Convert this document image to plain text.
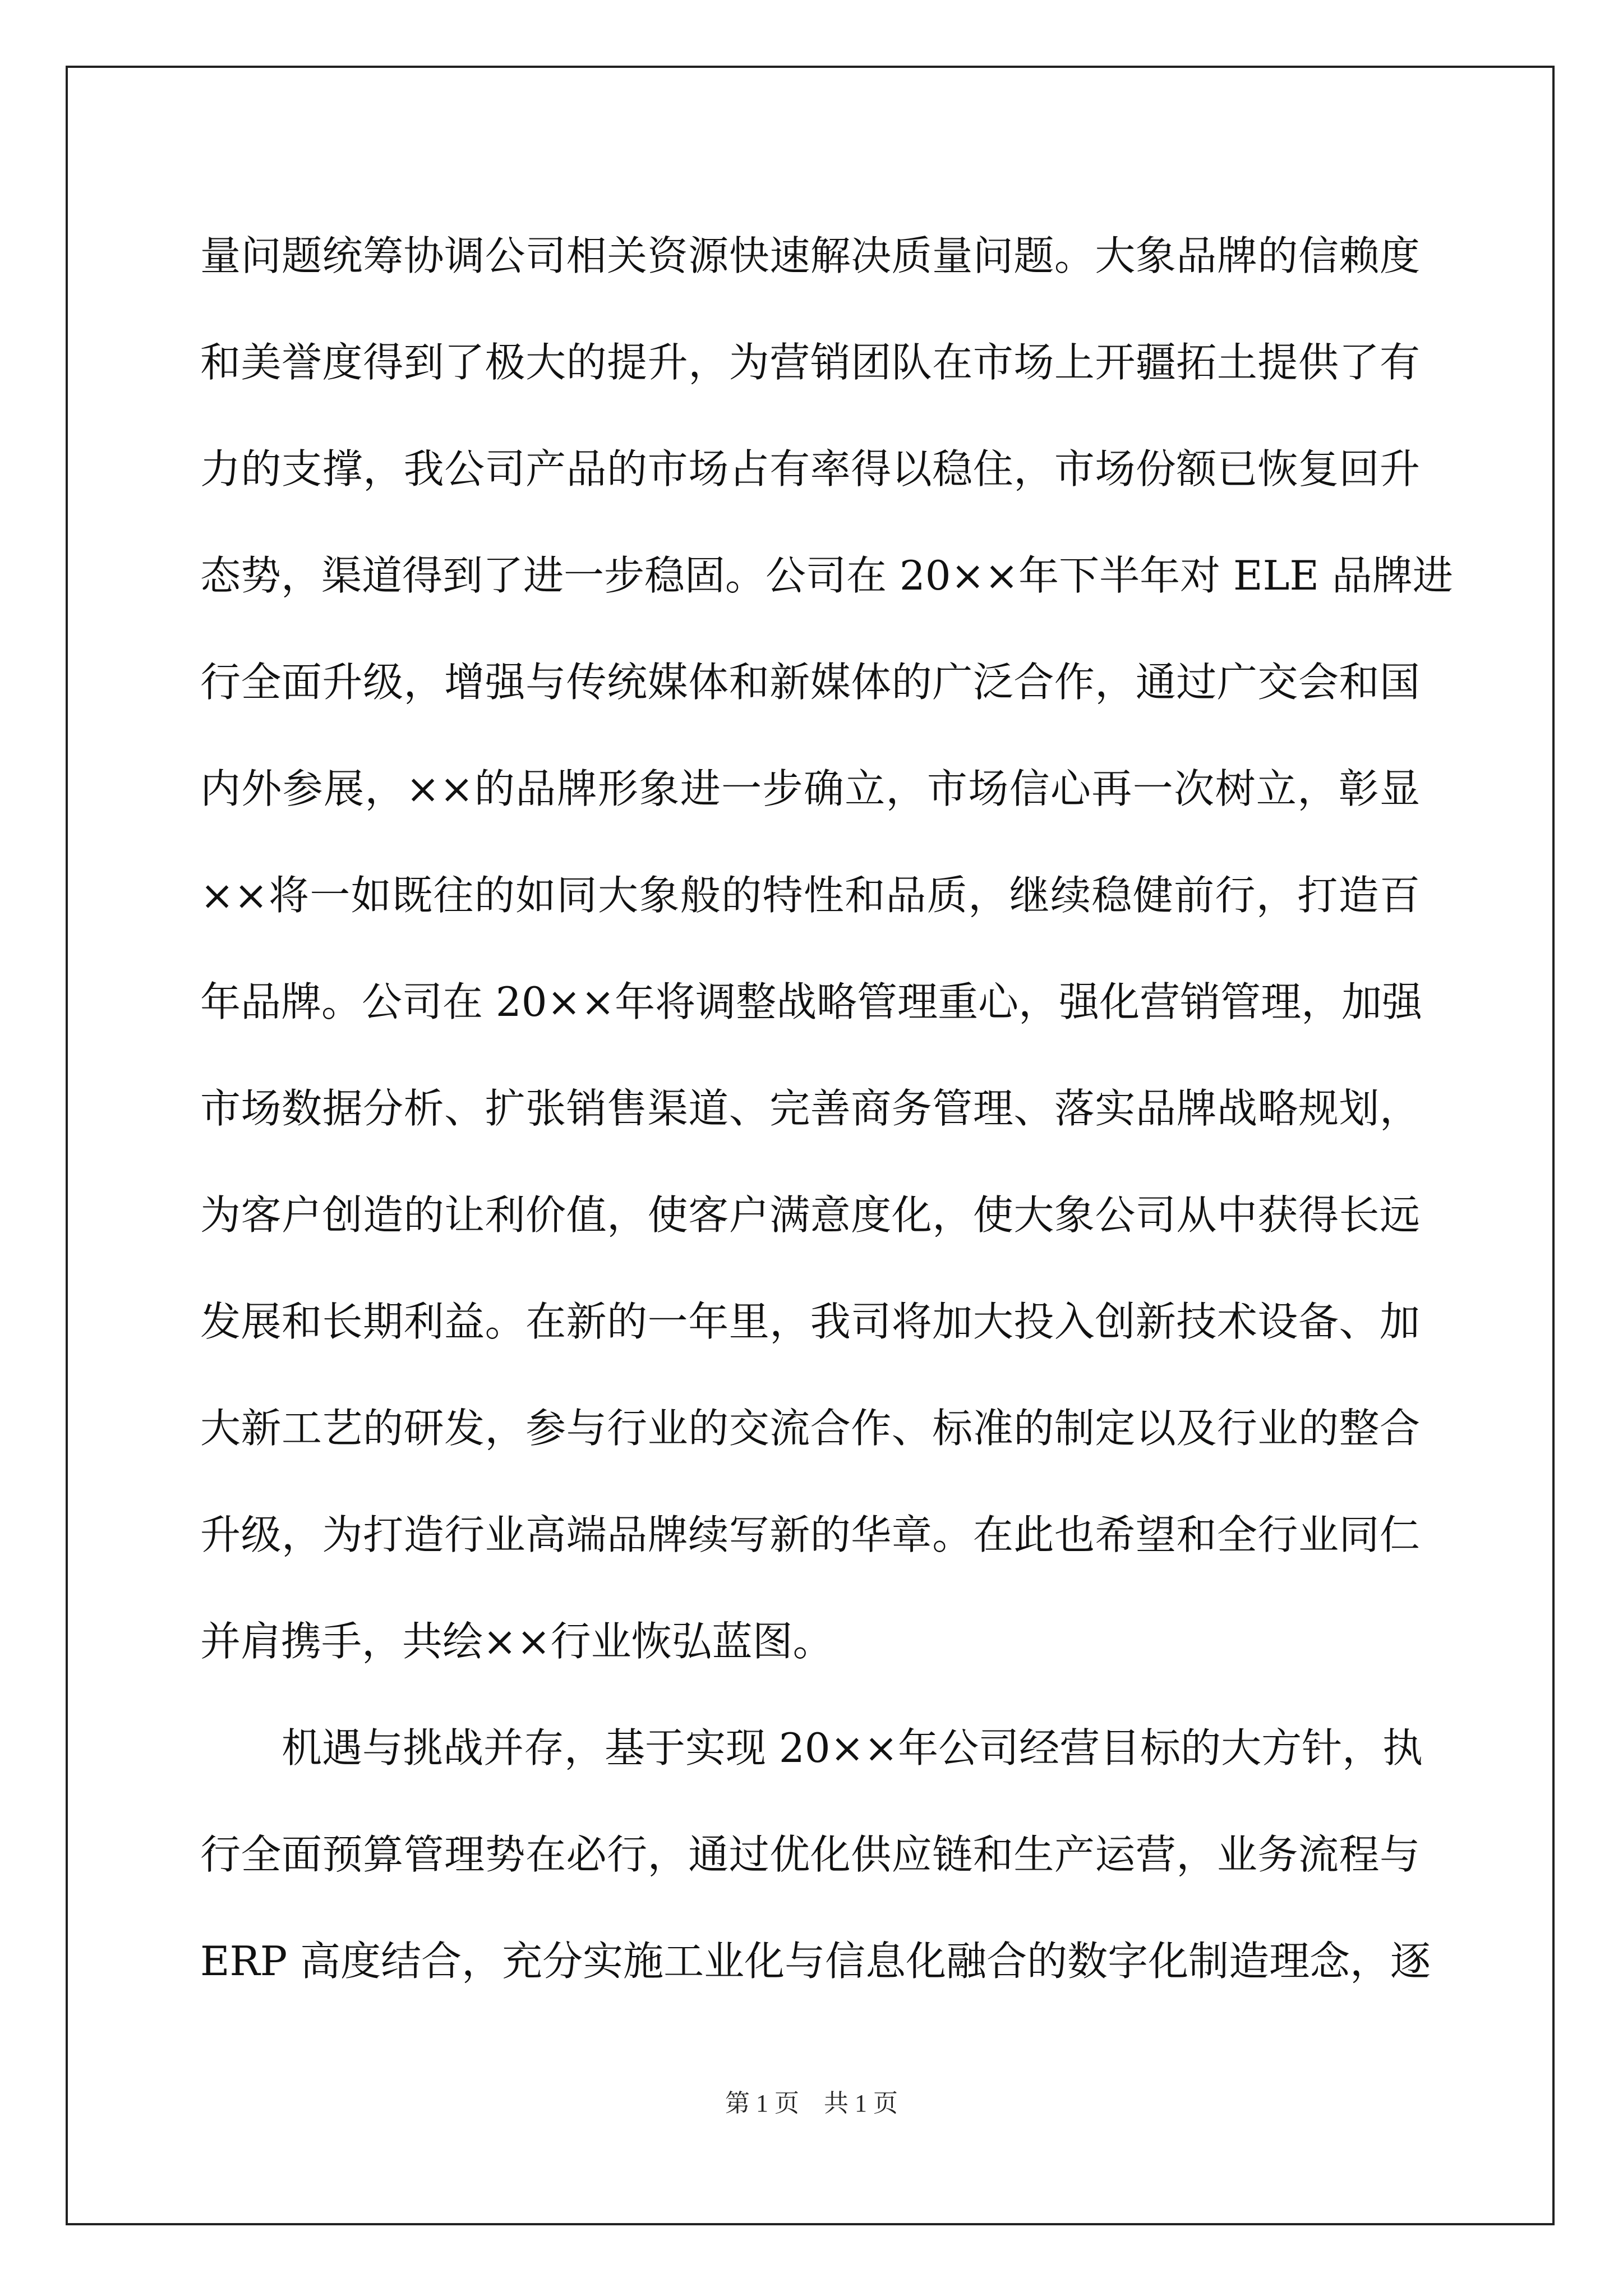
量问题统筹协调公司相关资源快速解决质量问题。大象品牌的信赖度
和美誉度得到了极大的提升，为营销团队在市场上开疆拓土提供了有
力的支撑，我公司产品的市场占有率得以稳住，市场份额已恢复回升
态势，渠道得到了进一步稳固。公司在 20××年下半年对 ELE 品牌进
行全面升级，增强与传统媒体和新媒体的广泛合作，通过广交会和国
内外参展，××的品牌形象进一步确立，市场信心再一次树立，彰显
××将一如既往的如同大象般的特性和品质，继续稳健前行，打造百
年品牌。公司在 20××年将调整战略管理重心，强化营销管理，加强
市场数据分析、扩张销售渠道、完善商务管理、落实品牌战略规划，
为客户创造的让利价值，使客户满意度化，使大象公司从中获得长远
发展和长期利益。在新的一年里，我司将加大投入创新技术设备、加
大新工艺的研发，参与行业的交流合作、标准的制定以及行业的整合
升级，为打造行业高端品牌续写新的华章。在此也希望和全行业同仁
并肩携手，共绘××行业恢弘蓝图。
机遇与挑战并存，基于实现 20××年公司经营目标的大方针，执
行全面预算管理势在必行，通过优化供应链和生产运营，业务流程与
ERP 高度结合，充分实施工业化与信息化融合的数字化制造理念，逐
第 1 页　共 1 页
